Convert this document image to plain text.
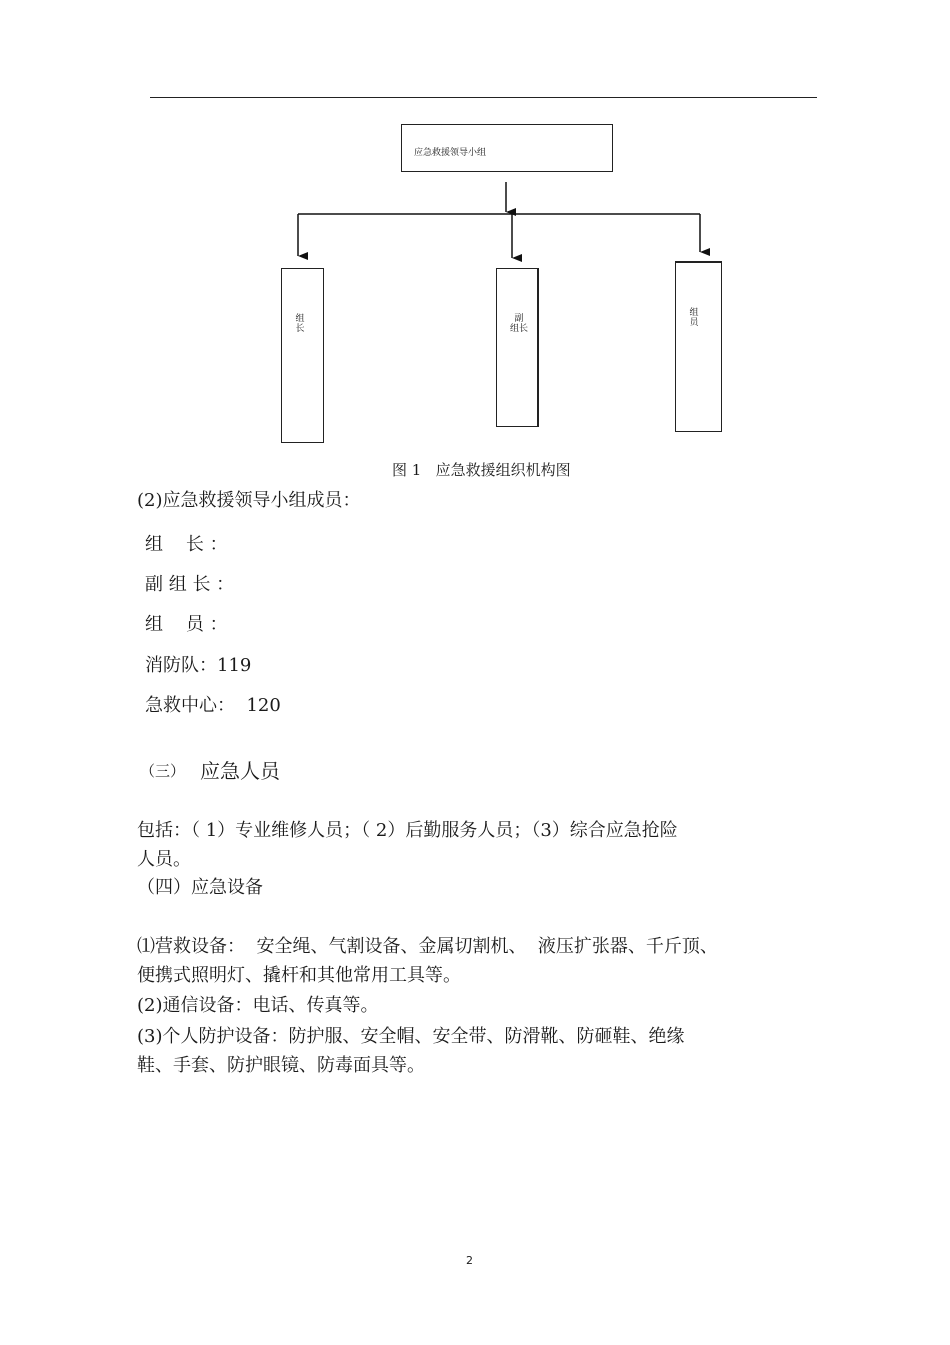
应急救援领导小组
组
长
副
组长
组
员
图 1   应急救援组织机构图
(2)应急救援领导小组成员：
组    长 ：
副 组 长 ：
组    员 ：
消防队：119
急救中心：  120
（三） 应急人员
包括：（ 1）专业维修人员；（ 2）后勤服务人员；（3）综合应急抢险
人员。
（四）应急设备
⑴营救设备：  安全绳、气割设备、金属切割机、  液压扩张器、千斤顶、
便携式照明灯、撬杆和其他常用工具等。
(2)通信设备：电话、传真等。
(3)个人防护设备：防护服、安全帽、安全带、防滑靴、防砸鞋、绝缘
鞋、手套、防护眼镜、防毒面具等。
2
